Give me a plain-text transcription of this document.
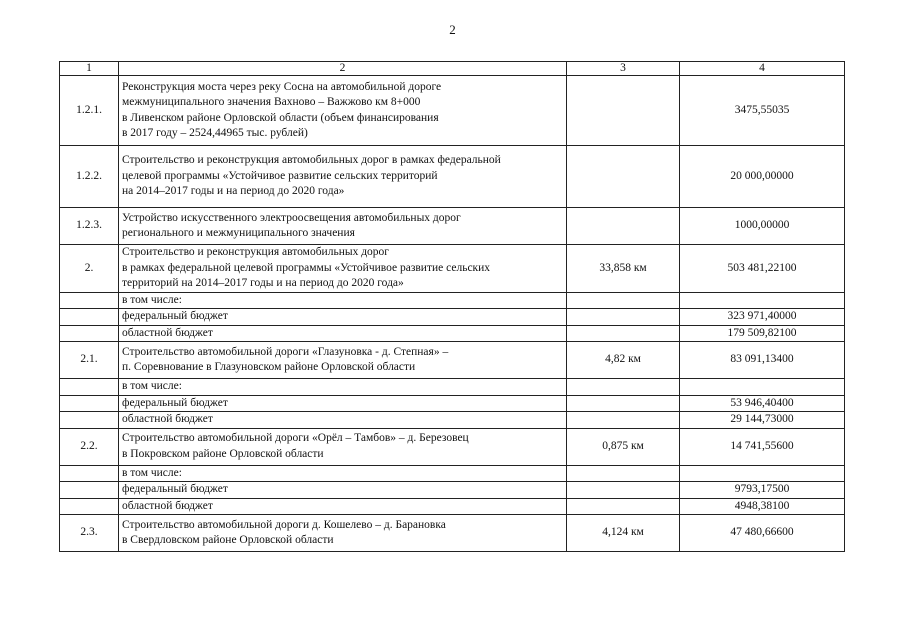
2
1	2	3	4
1.2.1.	Реконструкция моста через реку Сосна на автомобильной дороге
межмуниципального значения Вахново – Важжово км 8+000
в Ливенском районе Орловской области (объем финансирования
в 2017 году – 2524,44965 тыс. рублей)		3475,55035
1.2.2.	Строительство и реконструкция автомобильных дорог в рамках федеральной
целевой программы «Устойчивое развитие сельских территорий
на 2014–2017 годы и на период до 2020 года»		20 000,00000
1.2.3.	Устройство искусственного электроосвещения автомобильных дорог
регионального и межмуниципального значения		1000,00000
2.	Строительство и реконструкция автомобильных дорог
в рамках федеральной целевой программы «Устойчивое развитие сельских
территорий на 2014–2017 годы и на период до 2020 года»	33,858 км	503 481,22100

	в том числе:		

	федеральный бюджет		323 971,40000

	областной бюджет		179 509,82100
2.1.	Строительство автомобильной дороги «Глазуновка - д. Степная» –
п. Соревнование в Глазуновском районе Орловской области	4,82 км	83 091,13400

	в том числе:		

	федеральный бюджет		53 946,40400

	областной бюджет		29 144,73000
2.2.	Строительство автомобильной дороги «Орёл – Тамбов» – д. Березовец
в Покровском районе Орловской области	0,875 км	14 741,55600

	в том числе:		

	федеральный бюджет		9793,17500

	областной бюджет		4948,38100
2.3.	Строительство автомобильной дороги д. Кошелево – д. Барановка
в Свердловском районе Орловской области	4,124 км	47 480,66600
